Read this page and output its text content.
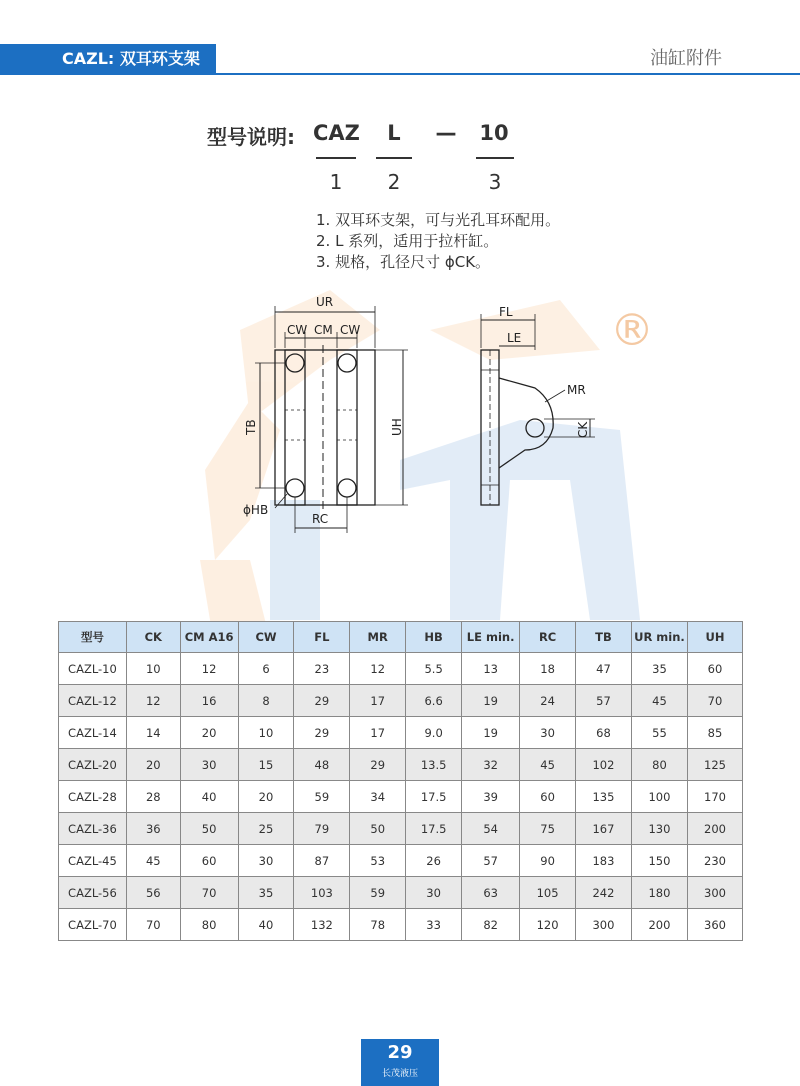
®
CAZL: 双耳环支架	油缸附件
型号说明: CAZ	L	—	10
1	2	3
1. 双耳环支架，可与光孔耳环配用。
2. L 系列，适用于拉杆缸。
3. 规格，孔径尺寸 ϕCK。
UR
CW CM CW
TB	UH
ϕHB
RC
FL
LE
MR
CK
型号	CK	CM A16	CW	FL	MR	HB	LE min.	RC	TB	UR min.	UH
CAZL-10	10	12	6	23	12	5.5	13	18	47	35	60
CAZL-12	12	16	8	29	17	6.6	19	24	57	45	70
CAZL-14	14	20	10	29	17	9.0	19	30	68	55	85
CAZL-20	20	30	15	48	29	13.5	32	45	102	80	125
CAZL-28	28	40	20	59	34	17.5	39	60	135	100	170
CAZL-36	36	50	25	79	50	17.5	54	75	167	130	200
CAZL-45	45	60	30	87	53	26	57	90	183	150	230
CAZL-56	56	70	35	103	59	30	63	105	242	180	300
CAZL-70	70	80	40	132	78	33	82	120	300	200	360
29
长茂液压
